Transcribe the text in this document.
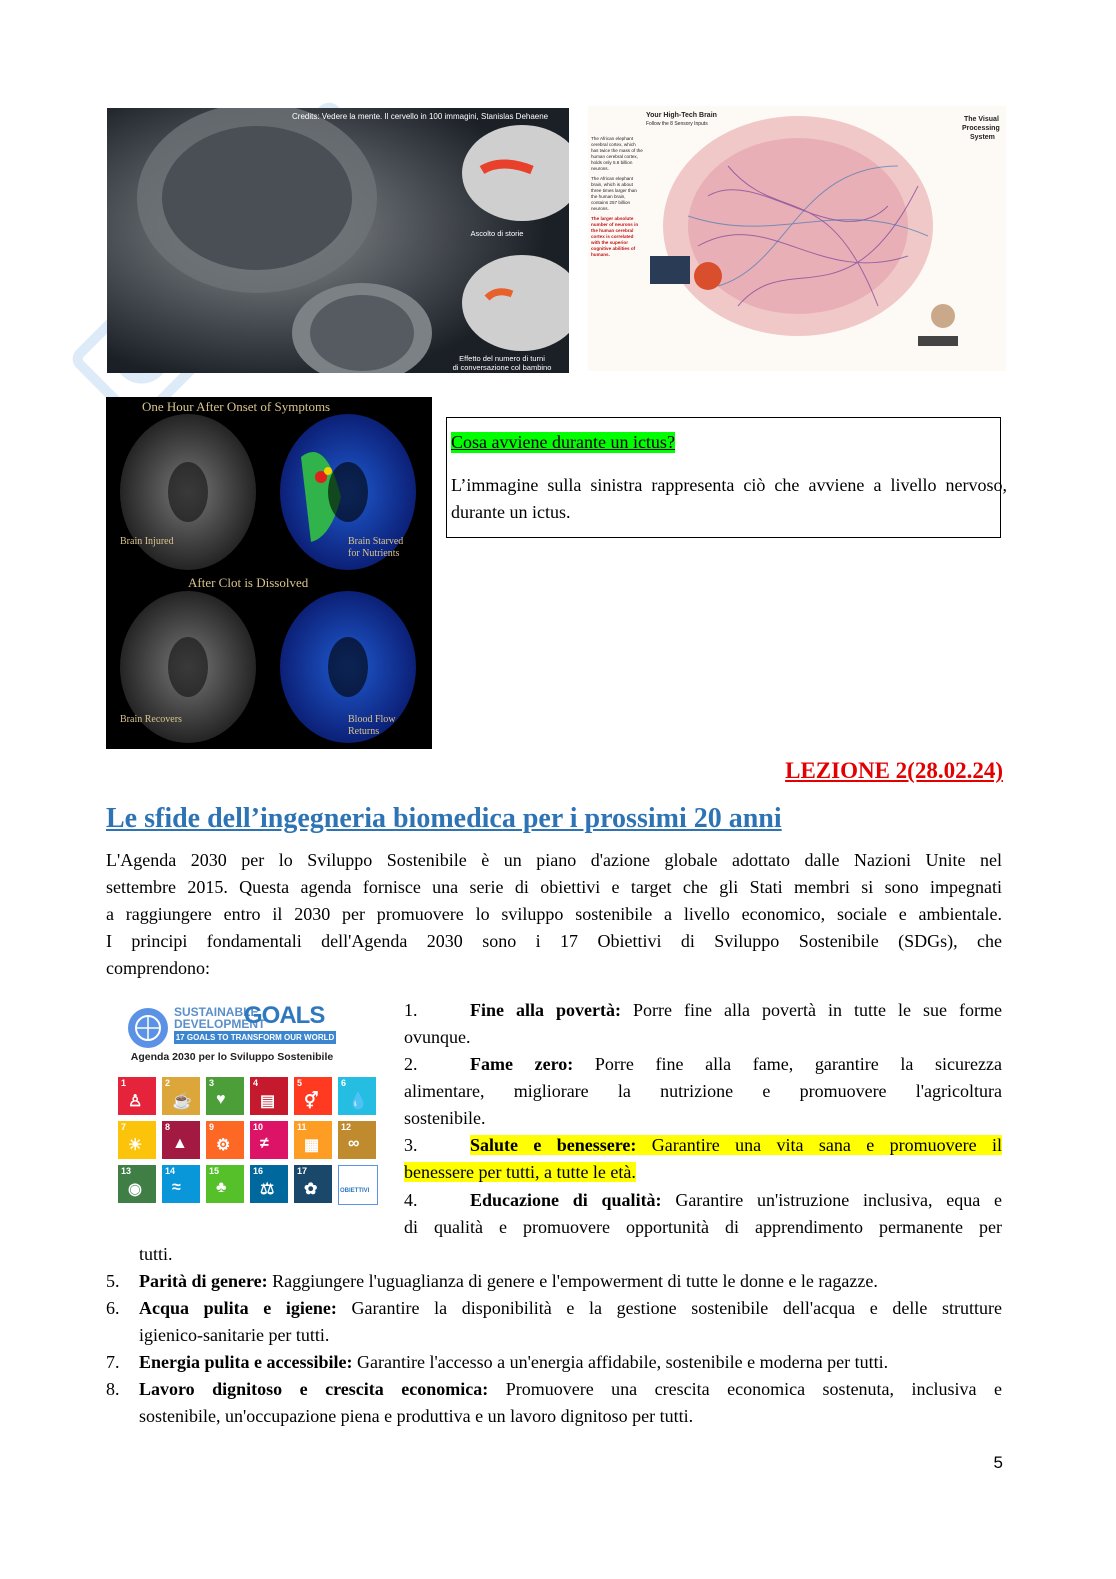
Credits: Vedere la mente. Il cervello in 100 immagini, Stanislas Dehaene
Ascolto di storie
Effetto del numero di turni
di conversazione col bambino
Your High-Tech Brain
Follow the 8 Sensory Inputs
The Visual
Processing
System
The African elephant cerebral cortex, which has twice the mass of the human cerebral cortex, holds only 5.6 billion neurons.
The African elephant brain, which is about three times larger than the human brain, contains 257 billion neurons.
The larger absolute number of neurons in the human cerebral cortex is correlated with the superior cognitive abilities of humans.
One Hour After Onset of Symptoms
Brain Injured	Brain Starved
for Nutrients
After Clot is Dissolved
Brain Recovers	Blood Flow
Returns
Cosa avviene durante un ictus?
L’immagine sulla sinistra rappresenta ciò che avviene a livello nervoso, durante un ictus.
LEZIONE 2(28.02.24)
Le sfide dell’ingegneria biomedica per i prossimi 20 anni
L'Agenda 2030 per lo Sviluppo Sostenibile è un piano d'azione globale adottato dalle Nazioni Unite nel
settembre 2015. Questa agenda fornisce una serie di obiettivi e target che gli Stati membri si sono impegnati
a raggiungere entro il 2030 per promuovere lo sviluppo sostenibile a livello economico, sociale e ambientale.
I principi fondamentali dell'Agenda 2030 sono i 17 Obiettivi di Sviluppo Sostenibile (SDGs), che
comprendono:
SUSTAINABLE
DEVELOPMENT
GOALS
17 GOALS TO TRANSFORM OUR WORLD
Agenda 2030 per lo Sviluppo Sostenibile
1
♙
2
☕
3
♥
4
▤
5
⚥
6
💧
7
☀
8
▲
9
⚙
10
≠
11
▦
12
∞
13
◉
14
≈
15
♣
16
⚖
17
✿	OBIETTIVI
1.	Fine alla povertà: Porre fine alla povertà in tutte le sue forme
ovunque.
2.	Fame zero: Porre fine alla fame, garantire la sicurezza
alimentare, migliorare la nutrizione e promuovere l'agricoltura
sostenibile.
3.	Salute e benessere: Garantire una vita sana e promuovere il
benessere per tutti, a tutte le età.
4.	Educazione di qualità: Garantire un'istruzione inclusiva, equa e
di qualità e promuovere opportunità di apprendimento permanente per
tutti.
5. Parità di genere: Raggiungere l'uguaglianza di genere e l'empowerment di tutte le donne e le ragazze.
6. Acqua pulita e igiene: Garantire la disponibilità e la gestione sostenibile dell'acqua e delle strutture
igienico-sanitarie per tutti.
7. Energia pulita e accessibile: Garantire l'accesso a un'energia affidabile, sostenibile e moderna per tutti.
8. Lavoro dignitoso e crescita economica: Promuovere una crescita economica sostenuta, inclusiva e
sostenibile, un'occupazione piena e produttiva e un lavoro dignitoso per tutti.
5
